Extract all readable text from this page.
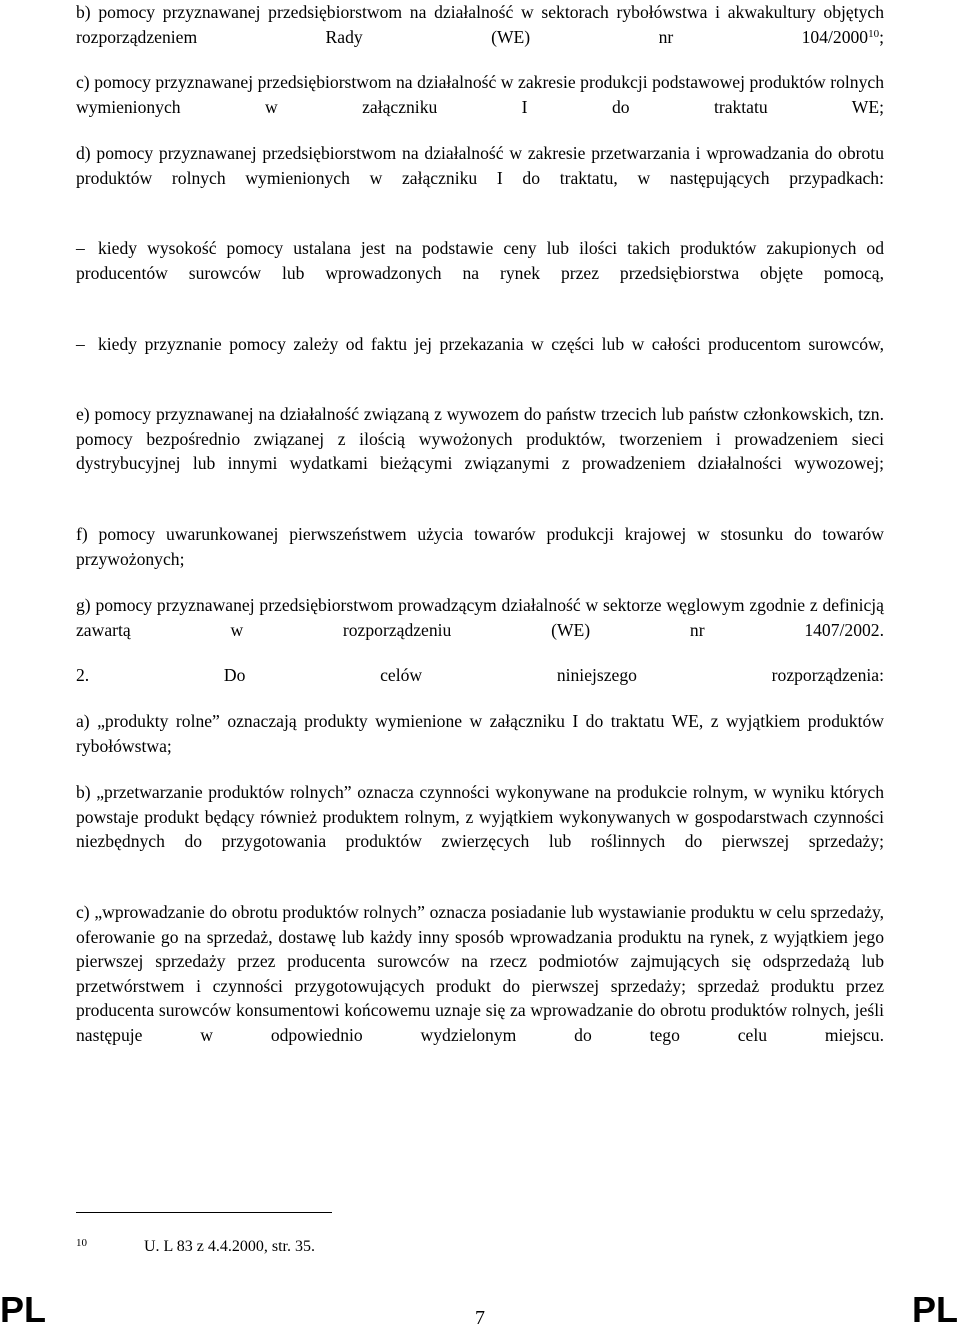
b) pomocy przyznawanej przedsiębiorstwom na działalność w sektorach rybołówstwa i akwakultury objętych rozporządzeniem Rady (WE) nr 104/2000$^{10}$;

c) pomocy przyznawanej przedsiębiorstwom na działalność w zakresie produkcji podstawowej produktów rolnych wymienionych w załączniku I do traktatu WE;

d) pomocy przyznawanej przedsiębiorstwom na działalność w zakresie przetwarzania i wprowadzania do obrotu produktów rolnych wymienionych w załączniku I do traktatu, w następujących przypadkach:

– kiedy wysokość pomocy ustalana jest na podstawie ceny lub ilości takich produktów zakupionych od producentów surowców lub wprowadzonych na rynek przez przedsiębiorstwa objęte pomocą,

– kiedy przyznanie pomocy zależy od faktu jej przekazania w części lub w całości producentom surowców,

e) pomocy przyznawanej na działalność związaną z wywozem do państw trzecich lub państw członkowskich, tzn. pomocy bezpośrednio związanej z ilością wywożonych produktów, tworzeniem i prowadzeniem sieci dystrybucyjnej lub innymi wydatkami bieżącymi związanymi z prowadzeniem działalności wywozowej;

f) pomocy uwarunkowanej pierwszeństwem użycia towarów produkcji krajowej w stosunku do towarów przywożonych;

g) pomocy przyznawanej przedsiębiorstwom prowadzącym działalność w sektorze węglowym zgodnie z definicją zawartą w rozporządzeniu (WE) nr 1407/2002.

2. Do celów niniejszego rozporządzenia:

a) „produkty rolne” oznaczają produkty wymienione w załączniku I do traktatu WE, z wyjątkiem produktów rybołówstwa;

b) „przetwarzanie produktów rolnych” oznacza czynności wykonywane na produkcie rolnym, w wyniku których powstaje produkt będący również produktem rolnym, z wyjątkiem wykonywanych w gospodarstwach czynności niezbędnych do przygotowania produktów zwierzęcych lub roślinnych do pierwszej sprzedaży;

c) „wprowadzanie do obrotu produktów rolnych” oznacza posiadanie lub wystawianie produktu w celu sprzedaży, oferowanie go na sprzedaż, dostawę lub każdy inny sposób wprowadzania produktu na rynek, z wyjątkiem jego pierwszej sprzedaży przez producenta surowców na rzecz podmiotów zajmujących się odsprzedażą lub przetwórstwem i czynności przygotowujących produkt do pierwszej sprzedaży; sprzedaż produktu przez producenta surowców konsumentowi końcowemu uznaje się za wprowadzanie do obrotu produktów rolnych, jeśli następuje w odpowiednio wydzielonym do tego celu miejscu.

10	U. L 83 z 4.4.2000, str. 35.
PL	7	PL
